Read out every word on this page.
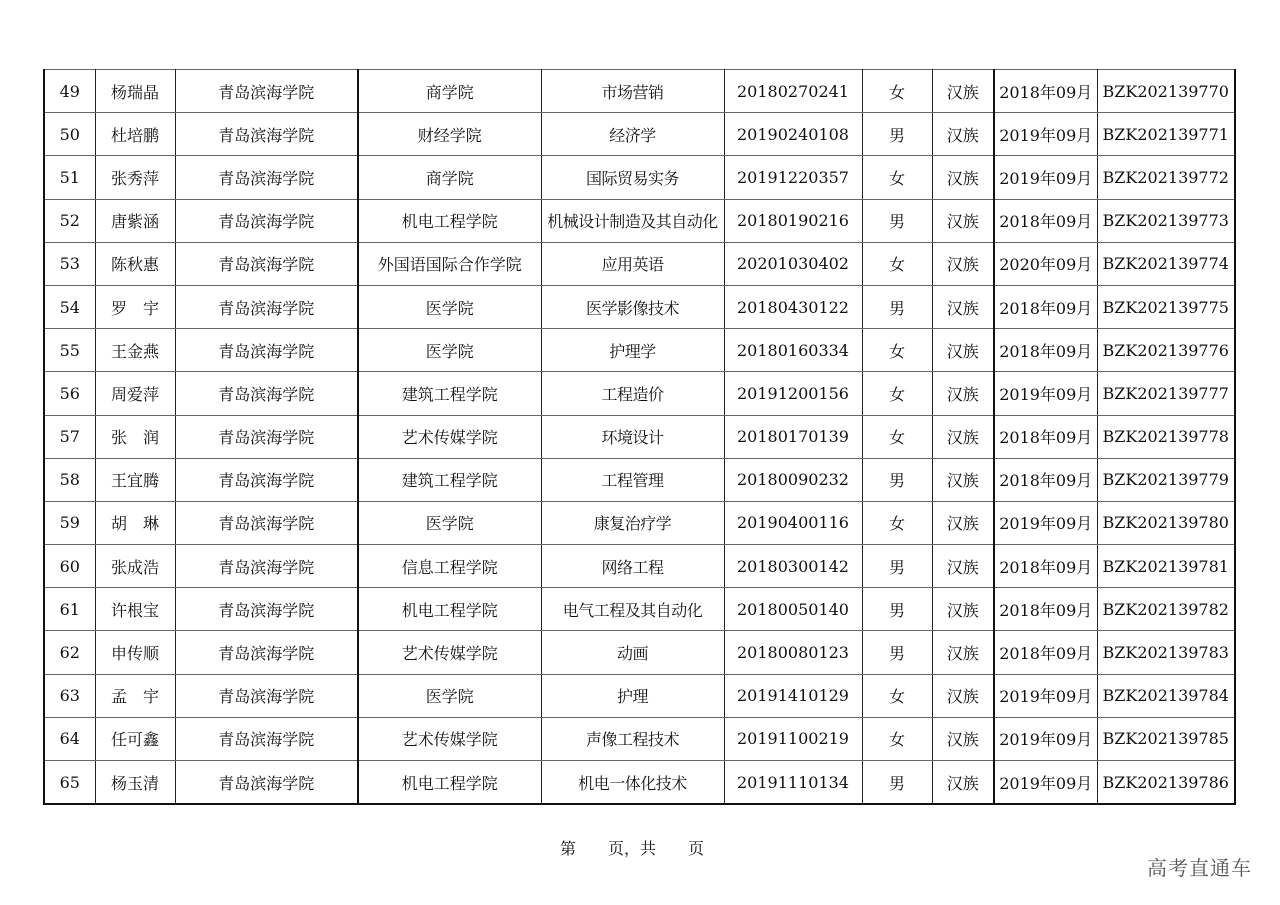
49	杨瑞晶	青岛滨海学院	商学院	市场营销	20180270241	女	汉族	2018年09月	BZK202139770
50	杜培鹏	青岛滨海学院	财经学院	经济学	20190240108	男	汉族	2019年09月	BZK202139771
51	张秀萍	青岛滨海学院	商学院	国际贸易实务	20191220357	女	汉族	2019年09月	BZK202139772
52	唐紫涵	青岛滨海学院	机电工程学院	机械设计制造及其自动化	20180190216	男	汉族	2018年09月	BZK202139773
53	陈秋惠	青岛滨海学院	外国语国际合作学院	应用英语	20201030402	女	汉族	2020年09月	BZK202139774
54	罗　宇	青岛滨海学院	医学院	医学影像技术	20180430122	男	汉族	2018年09月	BZK202139775
55	王金燕	青岛滨海学院	医学院	护理学	20180160334	女	汉族	2018年09月	BZK202139776
56	周爱萍	青岛滨海学院	建筑工程学院	工程造价	20191200156	女	汉族	2019年09月	BZK202139777
57	张　润	青岛滨海学院	艺术传媒学院	环境设计	20180170139	女	汉族	2018年09月	BZK202139778
58	王宜腾	青岛滨海学院	建筑工程学院	工程管理	20180090232	男	汉族	2018年09月	BZK202139779
59	胡　琳	青岛滨海学院	医学院	康复治疗学	20190400116	女	汉族	2019年09月	BZK202139780
60	张成浩	青岛滨海学院	信息工程学院	网络工程	20180300142	男	汉族	2018年09月	BZK202139781
61	许根宝	青岛滨海学院	机电工程学院	电气工程及其自动化	20180050140	男	汉族	2018年09月	BZK202139782
62	申传顺	青岛滨海学院	艺术传媒学院	动画	20180080123	男	汉族	2018年09月	BZK202139783
63	孟　宇	青岛滨海学院	医学院	护理	20191410129	女	汉族	2019年09月	BZK202139784
64	任可鑫	青岛滨海学院	艺术传媒学院	声像工程技术	20191100219	女	汉族	2019年09月	BZK202139785
65	杨玉清	青岛滨海学院	机电工程学院	机电一体化技术	20191110134	男	汉族	2019年09月	BZK202139786
第　　页，共　　页
高考直通车
